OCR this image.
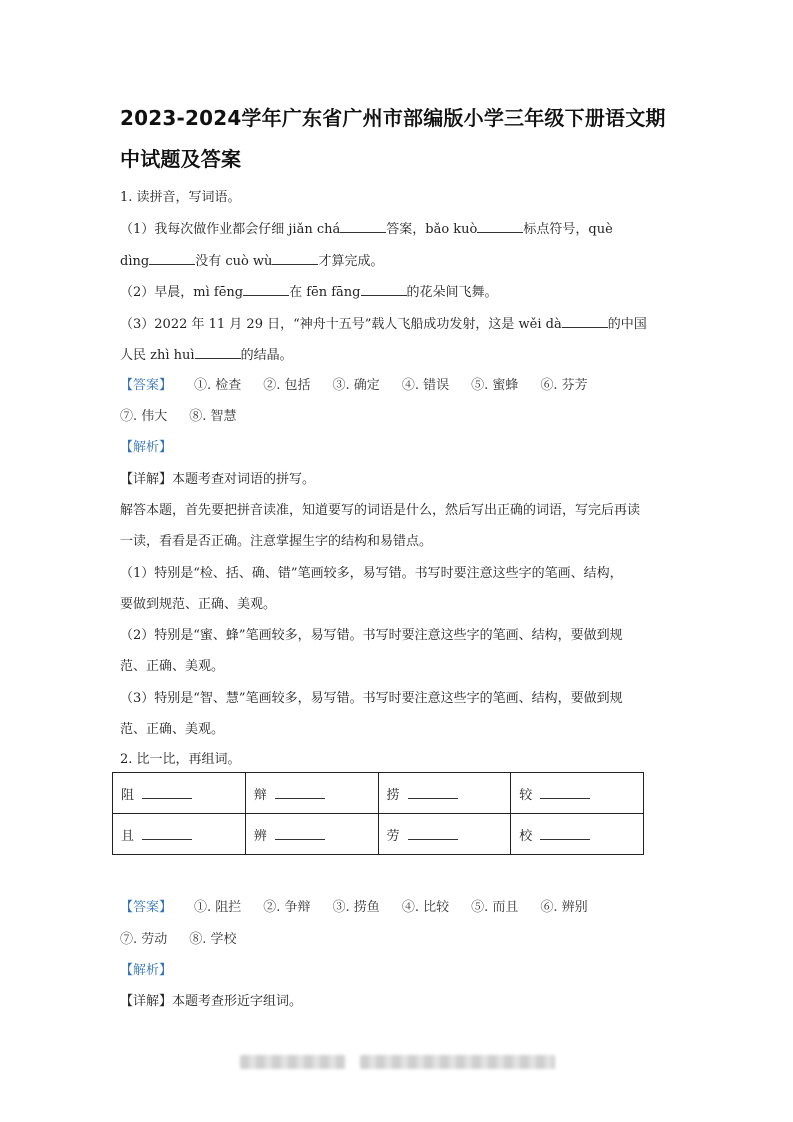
2023-2024学年广东省广州市部编版小学三年级下册语文期中试题及答案
1. 读拼音，写词语。
（1）我每次做作业都会仔细 jiǎn chá	答案，bǎo kuò	标点符号，què
dìng	没有 cuò wù	才算完成。
（2）早晨，mì fēng	在 fēn fāng	的花朵间飞舞。
（3）2022 年 11 月 29 日，“神舟十五号”载人飞船成功发射，这是 wěi dà	的中国
人民 zhì huì	的结晶。
【答案】 ①. 检查 ②. 包括 ③. 确定 ④. 错误 ⑤. 蜜蜂 ⑥. 芬芳
⑦. 伟大 ⑧. 智慧
【解析】
【详解】本题考查对词语的拼写。
解答本题，首先要把拼音读准，知道要写的词语是什么，然后写出正确的词语，写完后再读
一读，看看是否正确。注意掌握生字的结构和易错点。
（1）特别是“检、括、确、错”笔画较多，易写错。书写时要注意这些字的笔画、结构，
要做到规范、正确、美观。
（2）特别是“蜜、蜂”笔画较多，易写错。书写时要注意这些字的笔画、结构，要做到规
范、正确、美观。
（3）特别是“智、慧”笔画较多，易写错。书写时要注意这些字的笔画、结构，要做到规
范、正确、美观。
2. 比一比，再组词。
阻	辩	捞	较
且	辨	劳	校
【答案】 ①. 阻拦 ②. 争辩 ③. 捞鱼 ④. 比较 ⑤. 而且 ⑥. 辨别
⑦. 劳动 ⑧. 学校
【解析】
【详解】本题考查形近字组词。
